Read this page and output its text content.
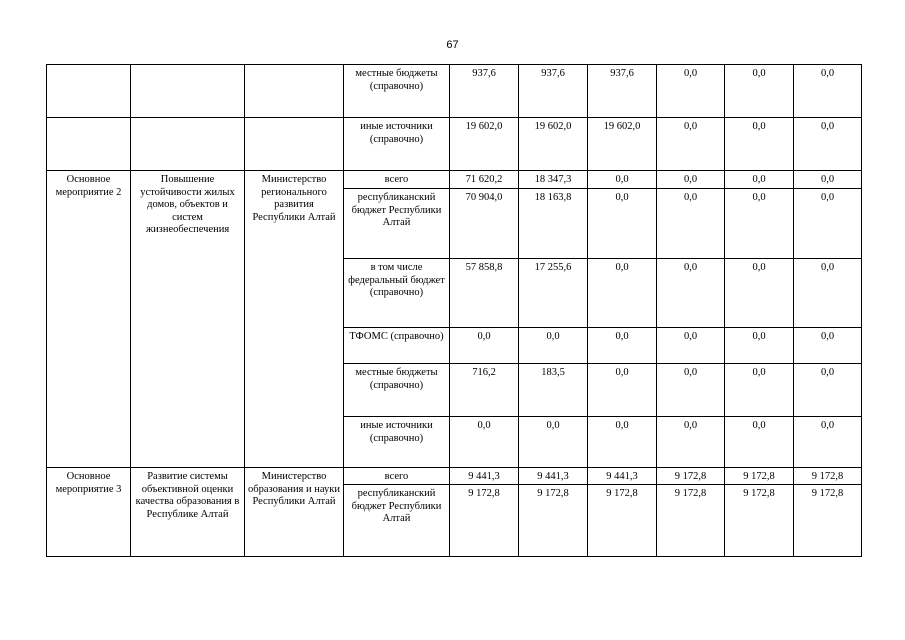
67
			местные бюджеты (справочно)	937,6	937,6	937,6	0,0	0,0	0,0
			иные источники (справочно)	19 602,0	19 602,0	19 602,0	0,0	0,0	0,0
Основное мероприятие 2	Повышение устойчивости жилых домов, объектов и систем жизнеобеспечения	Министерство регионального развития Республики Алтай	всего	71 620,2	18 347,3	0,0	0,0	0,0	0,0
			республиканский бюджет Республики Алтай	70 904,0	18 163,8	0,0	0,0	0,0	0,0
			в том числе федеральный бюджет (справочно)	57 858,8	17 255,6	0,0	0,0	0,0	0,0
			ТФОМС (справочно)	0,0	0,0	0,0	0,0	0,0	0,0
			местные бюджеты (справочно)	716,2	183,5	0,0	0,0	0,0	0,0
			иные источники (справочно)	0,0	0,0	0,0	0,0	0,0	0,0
Основное мероприятие 3	Развитие системы объективной оценки качества образования в Республике Алтай	Министерство образования и науки Республики Алтай	всего	9 441,3	9 441,3	9 441,3	9 172,8	9 172,8	9 172,8
			республиканский бюджет Республики Алтай	9 172,8	9 172,8	9 172,8	9 172,8	9 172,8	9 172,8
